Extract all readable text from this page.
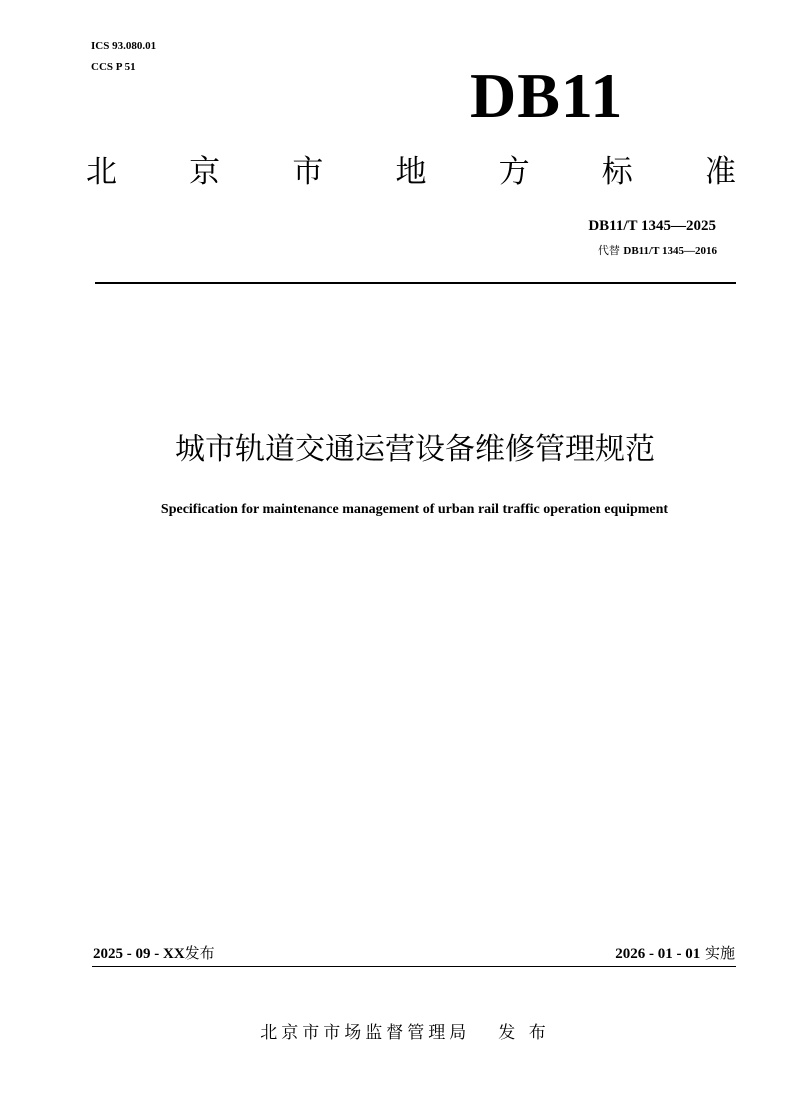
ICS 93.080.01
CCS P 51	DB11
北 京 市 地 方 标 准
DB11/T 1345—2025
代替 DB11/T 1345—2016
城市轨道交通运营设备维修管理规范
Specification for maintenance management of urban rail traffic operation equipment
2025 - 09 - XX发布	2026 - 01 - 01 实施
北京市市场监督管理局 发 布
